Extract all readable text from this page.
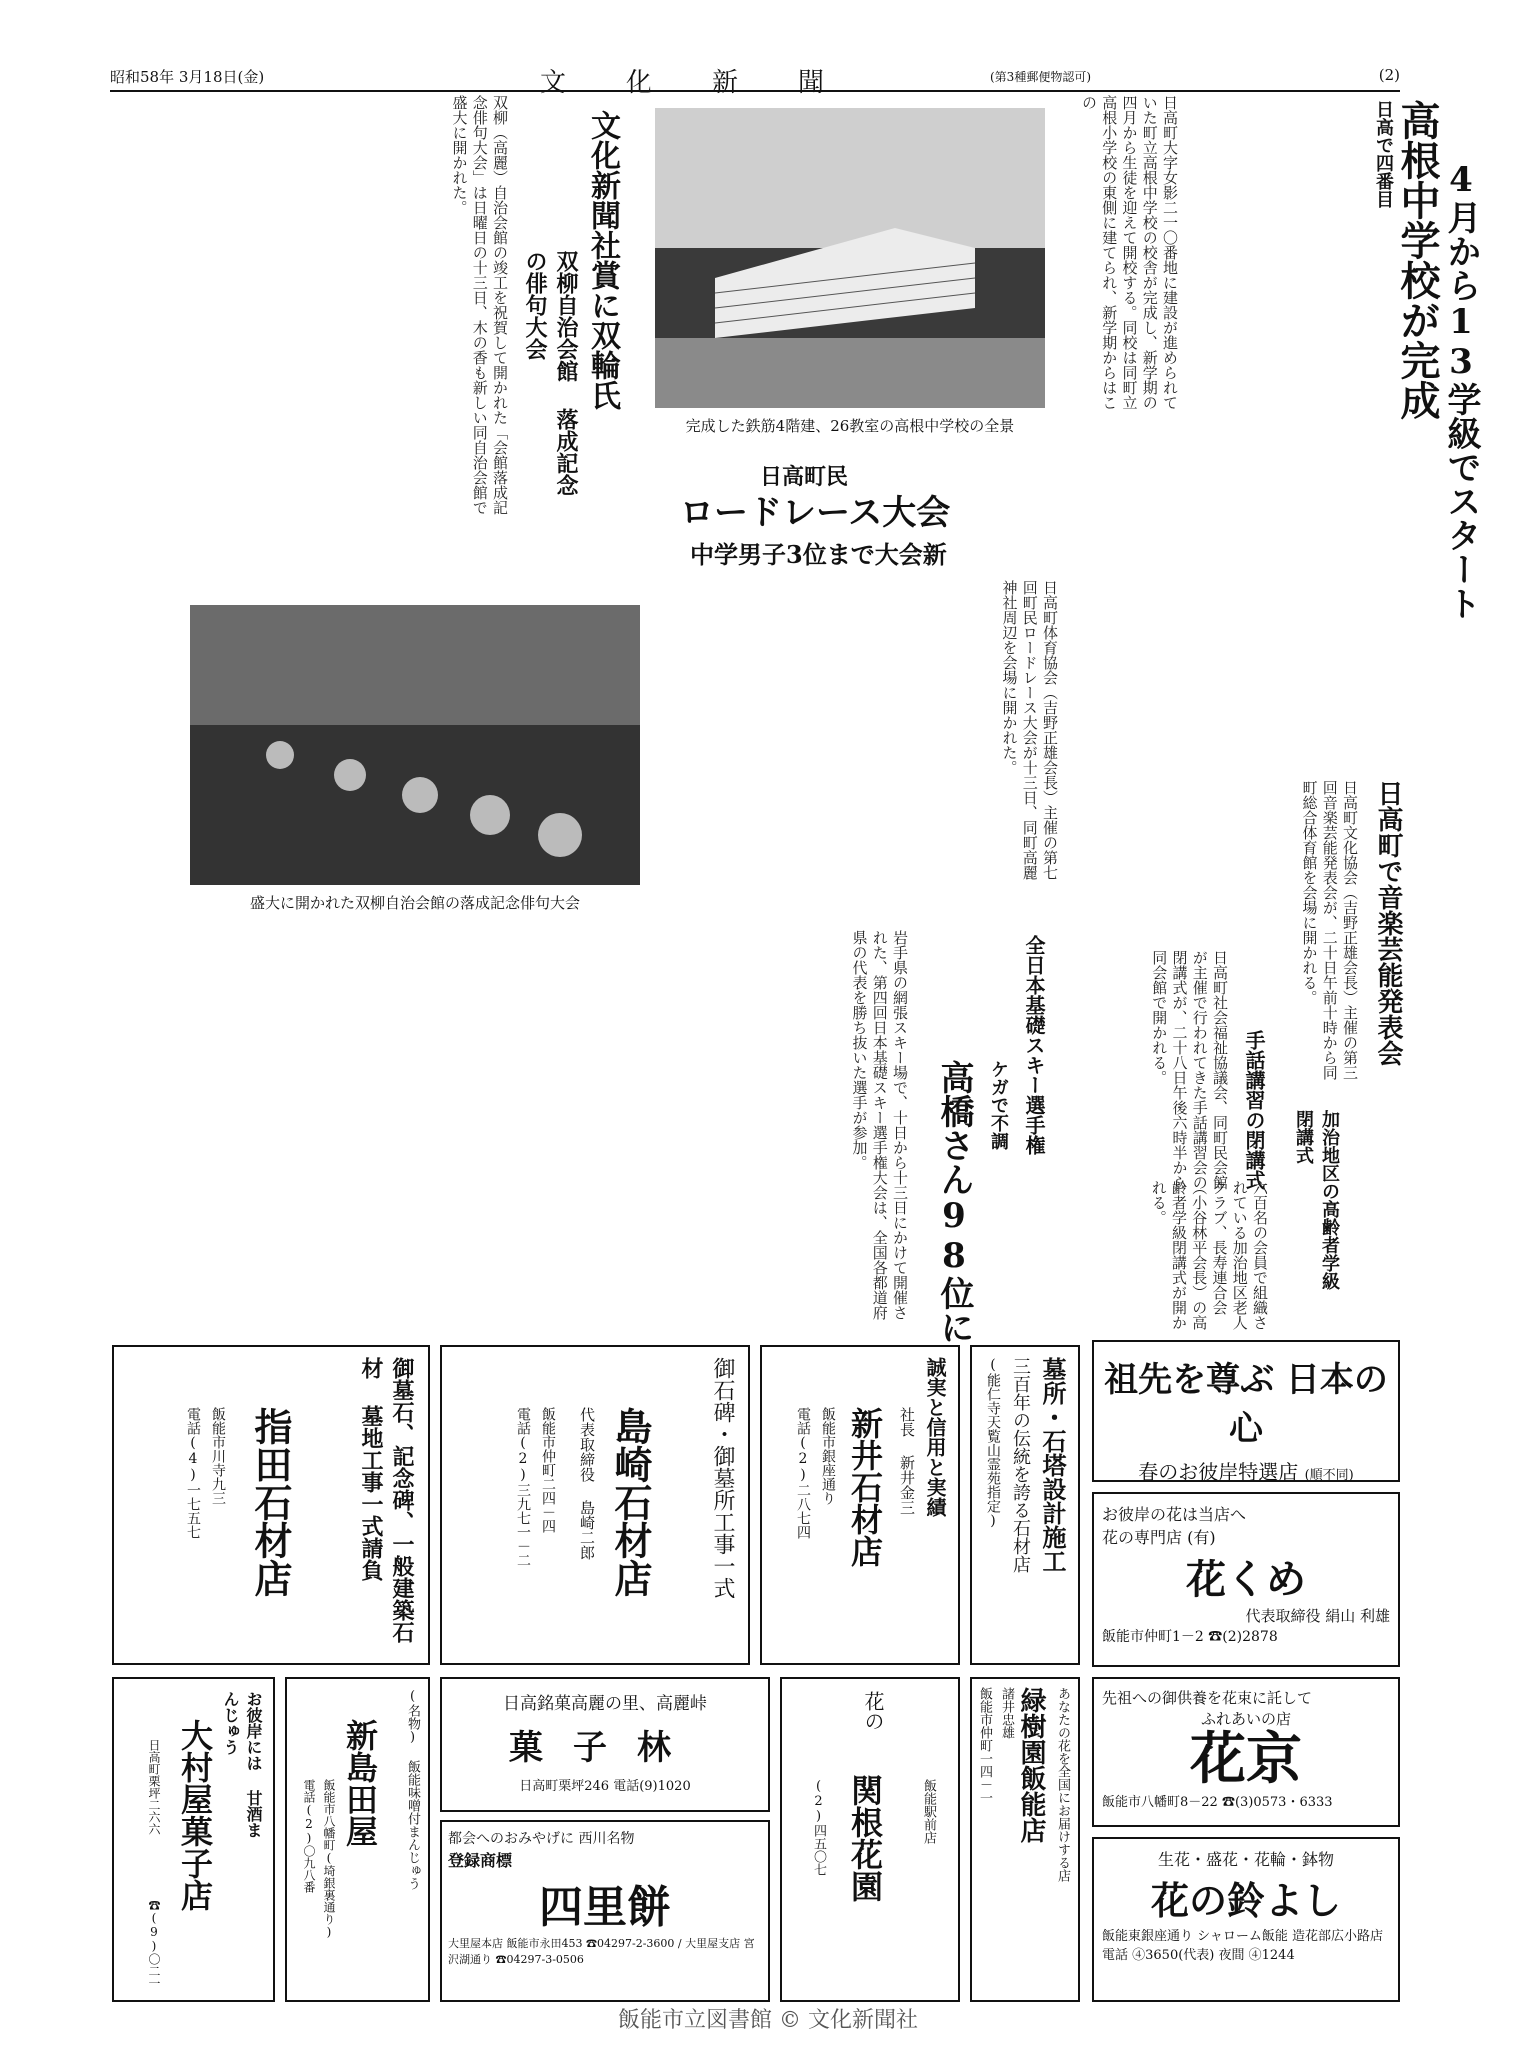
昭和58年 3月18日(金)	文化新聞	(第3種郵便物認可)	(2)
日高で四番目 高根中学校が完成 4月から13学級でスタート
日高町大字女影二一〇番地に建設が進められていた町立高根中学校の校舎が完成し、新学期の四月から生徒を迎えて開校する。同校は同町立高根小学校の東側に建てられ、新学期からはこの
完成した鉄筋4階建、26教室の高根中学校の全景
文化新聞社賞に双輪氏
双柳自治会館 落成記念の俳句大会
双柳（高麗）自治会館の竣工を祝賀して開かれた「会館落成記念俳句大会」は日曜日の十三日、木の香も新しい同自治会館で盛大に開かれた。
盛大に開かれた双柳自治会館の落成記念俳句大会
日高町民
ロードレース大会
中学男子3位まで大会新
日高町体育協会（吉野正雄会長）主催の第七回町民ロードレース大会が十三日、同町高麗神社周辺を会場に開かれた。
日高町で音楽芸能発表会
日高町文化協会（吉野正雄会長）主催の第三回音楽芸能発表会が、二十日午前十時から同町総合体育館を会場に開かれる。
手話講習の閉講式
日高町社会福祉協議会、同町民会館が主催で行われてきた手話講習会の閉講式が、二十八日午後六時半から同会館で開かれる。
加治地区の高齢者学級閉講式
六百名の会員で組織されている加治地区老人クラブ、長寿連合会（小谷林平会長）の高齢者学級閉講式が開かれる。
全日本基礎スキー選手権
ケガで不調
高橋さん98位に
岩手県の網張スキー場で、十日から十三日にかけて開催された、第四回日本基礎スキー選手権大会は、全国各都道府県の代表を勝ち抜いた選手が参加。
祖先を尊ぶ 日本の心
春のお彼岸特選店 (順不同)
お彼岸の花は当店へ
花の専門店 (有)
花くめ
代表取締役 絹山 利雄
飯能市仲町1－2 ☎(2)2878
先祖への御供養を花束に託して
ふれあいの店
花京
飯能市八幡町8－22 ☎(3)0573・6333
生花・盛花・花輪・鉢物
花の鈴よし
飯能東銀座通り シャローム飯能 造花部広小路店
電話 ④3650(代表) 夜間 ④1244
墓所・石塔設計施工
三百年の伝統を誇る石材店
(能仁寺天覧山霊苑指定)
誠実と信用と実績
新井石材店 社長 新井金三
飯能市銀座通り
電話(2)二八七四
御石碑・御墓所工事一式
島崎石材店
代表取締役 島崎二郎
飯能市仲町二四－四
電話(2)三九七一－二
御墓石、記念碑、一般建築石材 墓地工事一式請負
指田石材店
飯能市川寺九三
電話(4)一七五七
あなたの花を全国にお届けする店
緑樹園飯能店
諸井忠雄
飯能市仲町一四－一
花の
関根花園	飯能駅前店
(2)四五〇七
日高銘菓高麗の里、高麗峠
菓子林
日高町栗坪246 電話(9)1020
都会へのおみやげに 西川名物
登録商標
四里餅
大里屋本店 飯能市永田453 ☎04297-2-3600 / 大里屋支店 宮沢湖通り ☎04297-3-0506
(名物) 飯能味噌付まんじゅう
新島田屋
飯能市八幡町(埼銀裏通り)
電話(2)〇九八番
お彼岸には 甘酒まんじゅう
大村屋菓子店
日高町栗坪二六六
☎(9)〇二一
飯能市立図書館 © 文化新聞社
